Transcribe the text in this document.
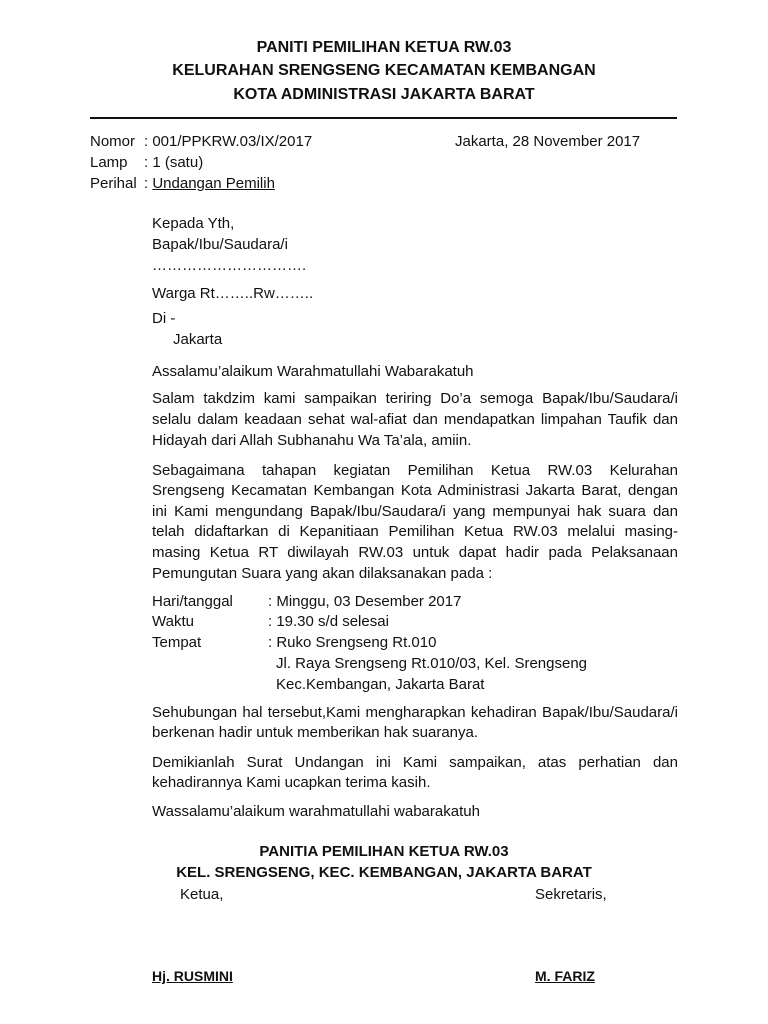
PANITI PEMILIHAN KETUA RW.03
KELURAHAN SRENGSENG KECAMATAN KEMBANGAN
KOTA ADMINISTRASI JAKARTA BARAT
Nomor : 001/PPKRW.03/IX/2017	Jakarta, 28 November 2017
Lamp	: 1 (satu)
Perihal : Undangan Pemilih
Kepada Yth,
Bapak/Ibu/Saudara/i
………………………….
Warga Rt……..Rw……..
Di -
Jakarta
Assalamu’alaikum Warahmatullahi Wabarakatuh
Salam takdzim kami sampaikan teriring Do’a semoga Bapak/Ibu/Saudara/i
selalu dalam keadaan sehat wal-afiat dan mendapatkan limpahan Taufik dan
Hidayah dari Allah Subhanahu Wa Ta’ala, amiin.
Sebagaimana tahapan kegiatan Pemilihan Ketua RW.03 Kelurahan
Srengseng Kecamatan Kembangan Kota Administrasi Jakarta Barat, dengan
ini Kami mengundang Bapak/Ibu/Saudara/i yang mempunyai hak suara dan
telah didaftarkan di Kepanitiaan Pemilihan Ketua RW.03 melalui masing-
masing Ketua RT diwilayah RW.03 untuk dapat hadir pada Pelaksanaan
Pemungutan Suara yang akan dilaksanakan pada :
Hari/tanggal : Minggu, 03 Desember 2017
Waktu	: 19.30 s/d selesai
Tempat	: Ruko Srengseng Rt.010
Jl. Raya Srengseng Rt.010/03, Kel. Srengseng
Kec.Kembangan, Jakarta Barat
Sehubungan hal tersebut,Kami mengharapkan kehadiran Bapak/Ibu/Saudara/i
berkenan hadir untuk memberikan hak suaranya.
Demikianlah Surat Undangan ini Kami sampaikan, atas perhatian dan
kehadirannya Kami ucapkan terima kasih.
Wassalamu’alaikum warahmatullahi wabarakatuh
PANITIA PEMILIHAN KETUA RW.03
KEL. SRENGSENG, KEC. KEMBANGAN, JAKARTA BARAT
Ketua,	Sekretaris,
Hj. RUSMINI	M. FARIZ
